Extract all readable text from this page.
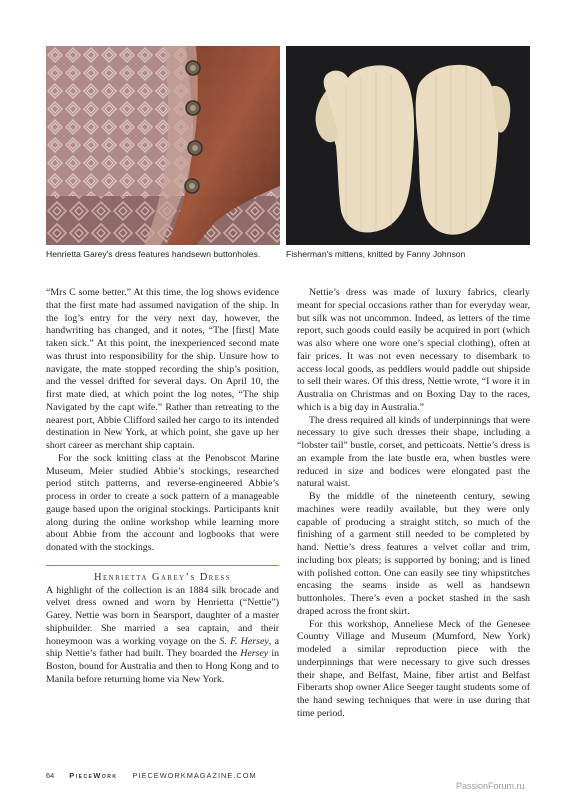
Henrietta Garey's dress features handsewn buttonholes.	Fisherman's mittens, knitted by Fanny Johnson

“Mrs C some better.” At this time, the log shows evidence that the first mate had assumed navigation of the ship. In the log’s entry for the very next day, however, the handwriting has changed, and it notes, “The [first] Mate taken sick.” At this point, the inexperienced second mate was thrust into responsibility for the ship. Unsure how to navigate, the mate stopped recording the ship’s position, and the vessel drifted for several days. On April 10, the first mate died, at which point the log notes, “The ship Navigated by the capt wife.” Rather than retreating to the nearest port, Abbie Clifford sailed her cargo to its intended destination in New York, at which point, she gave up her short career as merchant ship captain.

For the sock knitting class at the Penobscot Marine Museum, Meier studied Abbie’s stockings, researched period stitch patterns, and reverse-engineered Abbie’s process in order to create a sock pattern of a manageable gauge based upon the original stockings. Participants knit along during the online workshop while learning more about Abbie from the account and logbooks that were donated with the stockings.

Henrietta Garey’s Dress

A highlight of the collection is an 1884 silk brocade and velvet dress owned and worn by Henrietta (“Nettie”) Garey. Nettie was born in Searsport, daughter of a master shipbuilder. She married a sea captain, and their honeymoon was a working voyage on the S. F. Hersey, a ship Nettie’s father had built. They boarded the Hersey in Boston, bound for Australia and then to Hong Kong and to Manila before returning home via New York.

Nettie’s dress was made of luxury fabrics, clearly meant for special occasions rather than for everyday wear, but silk was not uncommon. Indeed, as letters of the time report, such goods could easily be acquired in port (which was also where one wore one’s special clothing), often at fair prices. It was not even necessary to disembark to access local goods, as peddlers would paddle out shipside to sell their wares. Of this dress, Nettie wrote, “I wore it in Australia on Christmas and on Boxing Day to the races, which is a big day in Australia.”

The dress required all kinds of underpinnings that were necessary to give such dresses their shape, including a “lobster tail” bustle, corset, and petticoats. Nettie’s dress is an example from the late bustle era, when bustles were reduced in size and bodices were elongated past the natural waist.

By the middle of the nineteenth century, sewing machines were readily available, but they were only capable of producing a straight stitch, so much of the finishing of a garment still needed to be completed by hand. Nettie’s dress features a velvet collar and trim, including box pleats; is supported by boning; and is lined with polished cotton. One can easily see tiny whipstitches encasing the seams inside as well as handsewn buttonholes. There’s even a pocket stashed in the sash draped across the front skirt.

For this workshop, Anneliese Meck of the Genesee Country Village and Museum (Mumford, New York) modeled a similar reproduction piece with the underpinnings that were necessary to give such dresses their shape, and Belfast, Maine, fiber artist and Belfast Fiberarts shop owner Alice Seeger taught students some of the hand sewing techniques that were in use during that time period.

64 PieceWork PIECEWORKMAGAZINE.COM
PassionForum.ru
